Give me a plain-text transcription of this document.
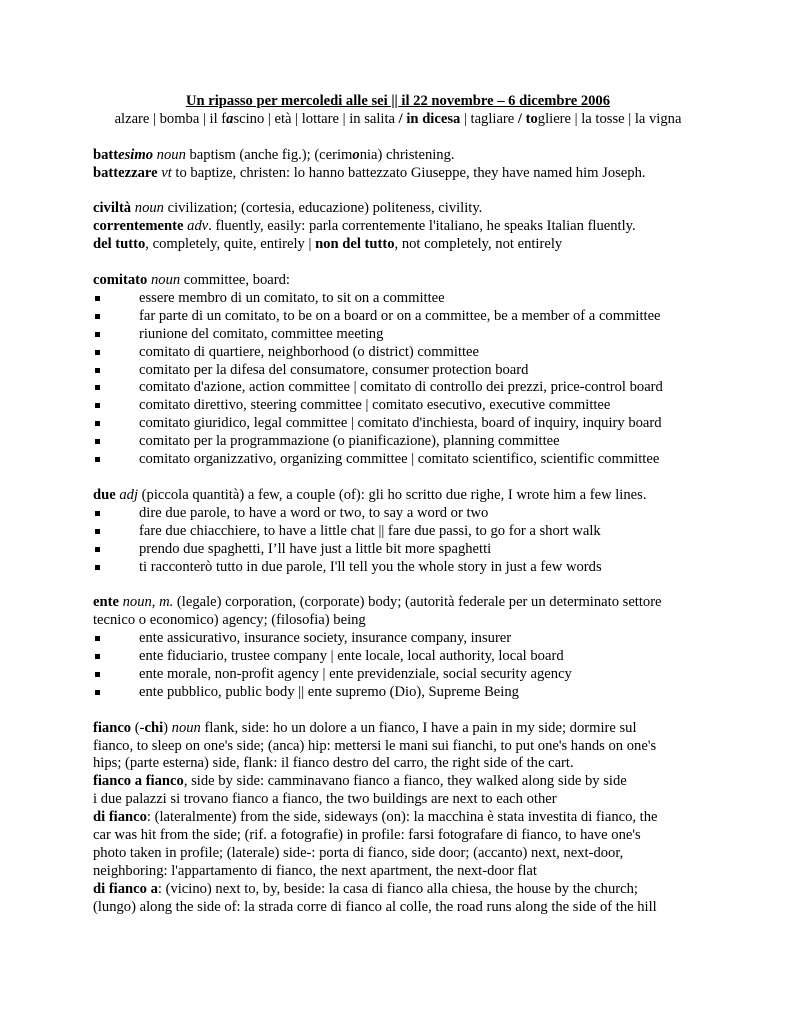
Un ripasso per mercoledi alle sei || il 22 novembre – 6 dicembre 2006
alzare | bomba | il fascino | età | lottare | in salita / in dicesa | tagliare / togliere | la tosse | la vigna
battesimo noun baptism (anche fig.); (cerimonia) christening.
battezzare vt to baptize, christen: lo hanno battezzato Giuseppe, they have named him Joseph.
civiltà noun civilization; (cortesia, educazione) politeness, civility.
correntemente adv. fluently, easily: parla correntemente l'italiano, he speaks Italian fluently.
del tutto, completely, quite, entirely | non del tutto, not completely, not entirely
comitato noun committee, board:
essere membro di un comitato, to sit on a committee
far parte di un comitato, to be on a board or on a committee, be a member of a committee
riunione del comitato, committee meeting
comitato di quartiere, neighborhood (o district) committee
comitato per la difesa del consumatore, consumer protection board
comitato d'azione, action committee | comitato di controllo dei prezzi, price-control board
comitato direttivo, steering committee | comitato esecutivo, executive committee
comitato giuridico, legal committee | comitato d'inchiesta, board of inquiry, inquiry board
comitato per la programmazione (o pianificazione), planning committee
comitato organizzativo, organizing committee | comitato scientifico, scientific committee
due adj (piccola quantità) a few, a couple (of): gli ho scritto due righe, I wrote him a few lines.
dire due parole, to have a word or two, to say a word or two
fare due chiacchiere, to have a little chat || fare due passi, to go for a short walk
prendo due spaghetti, I’ll have just a little bit more spaghetti
ti racconterò tutto in due parole, I'll tell you the whole story in just a few words
ente noun, m. (legale) corporation, (corporate) body; (autorità federale per un determinato settore
tecnico o economico) agency; (filosofia) being
ente assicurativo, insurance society, insurance company, insurer
ente fiduciario, trustee company | ente locale, local authority, local board
ente morale, non-profit agency | ente previdenziale, social security agency
ente pubblico, public body || ente supremo (Dio), Supreme Being
fianco (-chi) noun flank, side: ho un dolore a un fianco, I have a pain in my side; dormire sul
fianco, to sleep on one's side; (anca) hip: mettersi le mani sui fianchi, to put one's hands on one's
hips; (parte esterna) side, flank: il fianco destro del carro, the right side of the cart.
fianco a fianco, side by side: camminavano fianco a fianco, they walked along side by side
i due palazzi si trovano fianco a fianco, the two buildings are next to each other
di fianco: (lateralmente) from the side, sideways (on): la macchina è stata investita di fianco, the
car was hit from the side; (rif. a fotografie) in profile: farsi fotografare di fianco, to have one's
photo taken in profile; (laterale) side-: porta di fianco, side door; (accanto) next, next-door,
neighboring: l'appartamento di fianco, the next apartment, the next-door flat
di fianco a: (vicino) next to, by, beside: la casa di fianco alla chiesa, the house by the church;
(lungo) along the side of: la strada corre di fianco al colle, the road runs along the side of the hill
